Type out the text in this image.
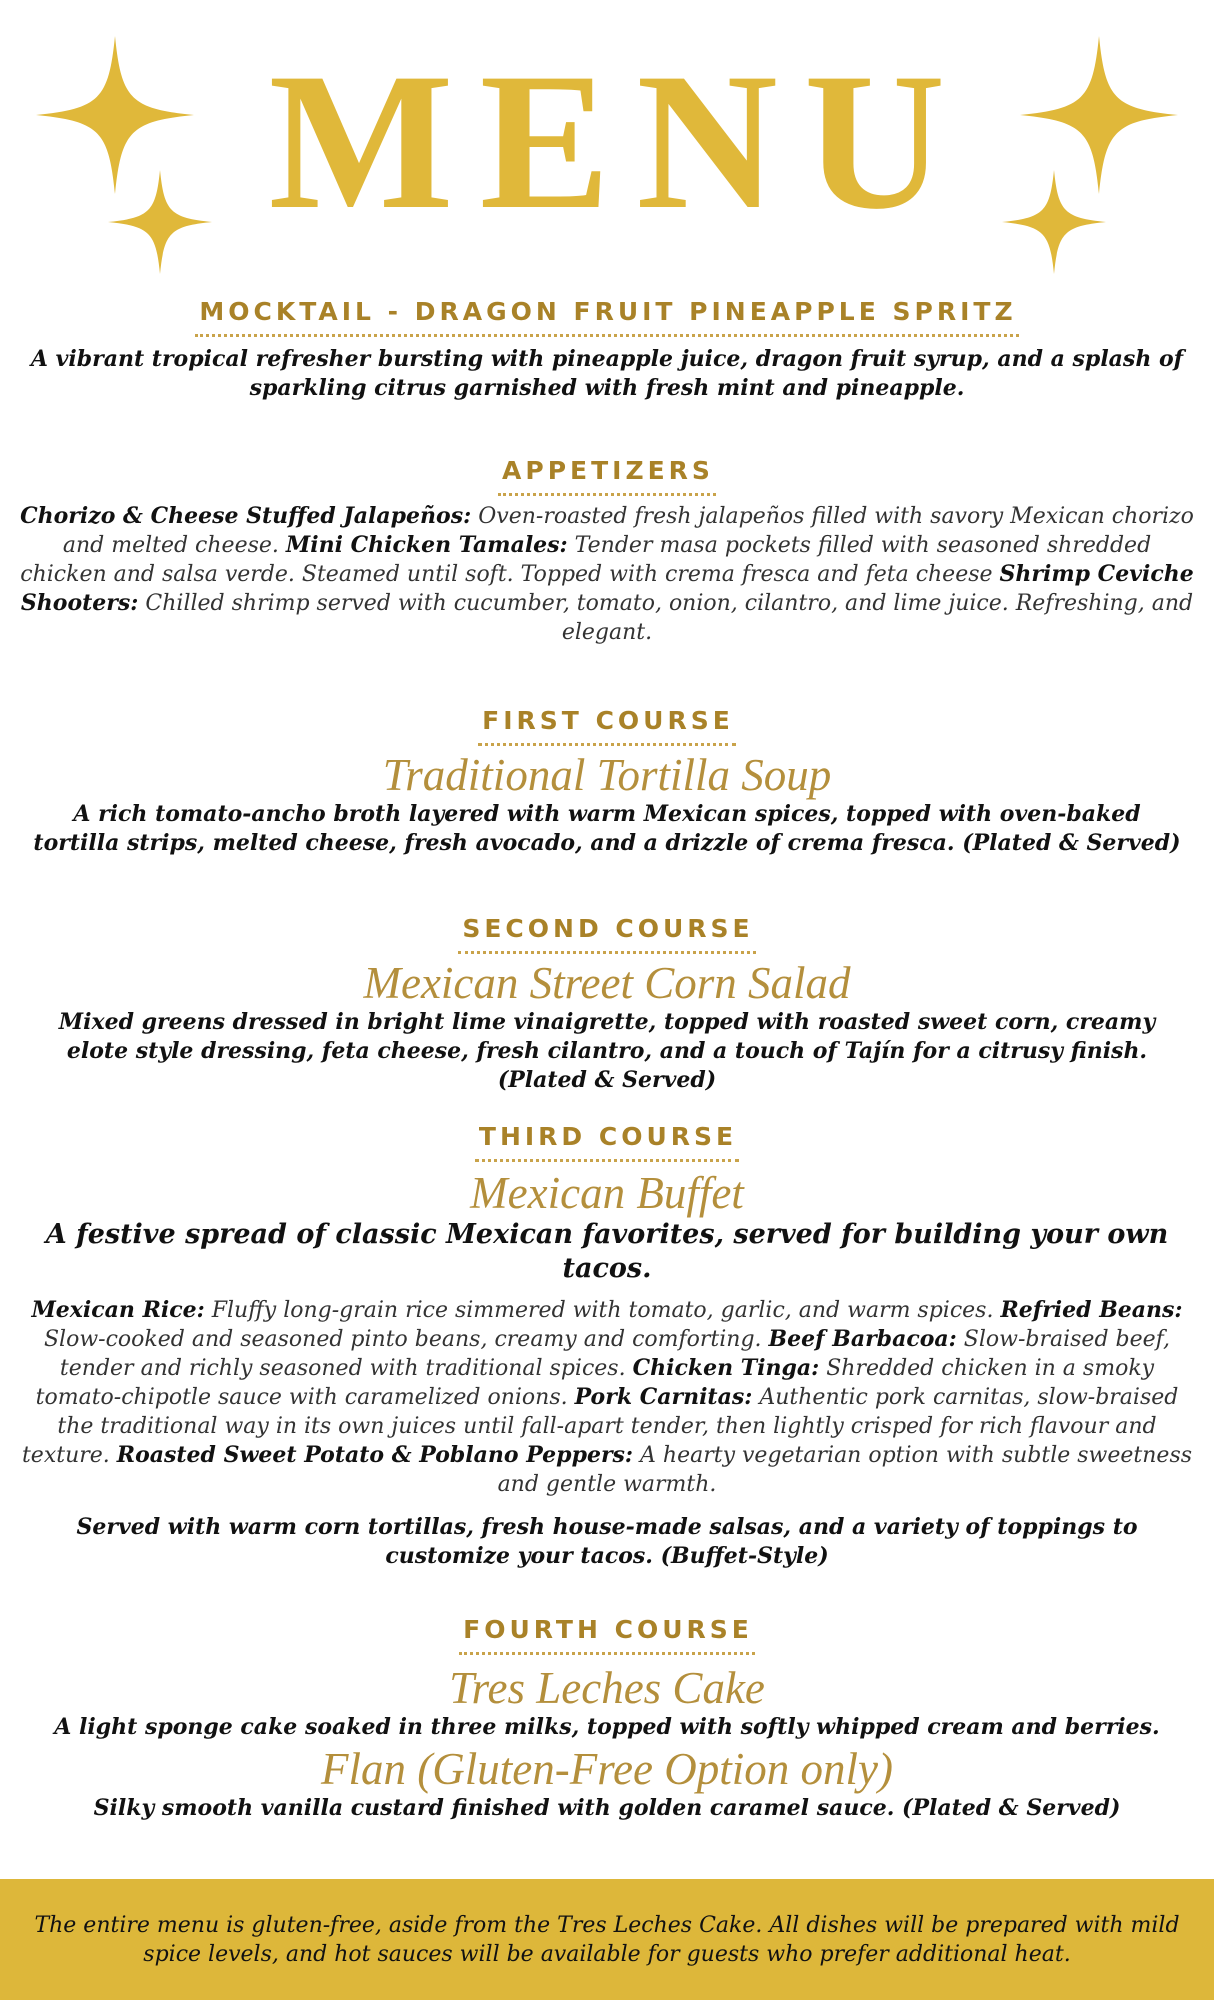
MENU
MOCKTAIL - DRAGON FRUIT PINEAPPLE SPRITZ

A vibrant tropical refresher bursting with pineapple juice, dragon fruit syrup, and a splash of sparkling citrus garnished with fresh mint and pineapple.

APPETIZERS

Chorizo & Cheese Stuffed Jalapeños: Oven-roasted fresh jalapeños filled with savory Mexican chorizo and melted cheese. Mini Chicken Tamales: Tender masa pockets filled with seasoned shredded chicken and salsa verde. Steamed until soft. Topped with crema fresca and feta cheese Shrimp Ceviche Shooters: Chilled shrimp served with cucumber, tomato, onion, cilantro, and lime juice. Refreshing, and elegant.

FIRST COURSE

Traditional Tortilla Soup

A rich tomato-ancho broth layered with warm Mexican spices, topped with oven-baked tortilla strips, melted cheese, fresh avocado, and a drizzle of crema fresca. (Plated & Served)

SECOND COURSE

Mexican Street Corn Salad

Mixed greens dressed in bright lime vinaigrette, topped with roasted sweet corn, creamy elote style dressing, feta cheese, fresh cilantro, and a touch of Tajín for a citrusy finish. (Plated & Served)

THIRD COURSE

Mexican Buffet

A festive spread of classic Mexican favorites, served for building your own tacos.

Mexican Rice: Fluffy long-grain rice simmered with tomato, garlic, and warm spices. Refried Beans: Slow-cooked and seasoned pinto beans, creamy and comforting. Beef Barbacoa: Slow-braised beef, tender and richly seasoned with traditional spices. Chicken Tinga: Shredded chicken in a smoky tomato-chipotle sauce with caramelized onions. Pork Carnitas: Authentic pork carnitas, slow-braised the traditional way in its own juices until fall-apart tender, then lightly crisped for rich flavour and texture. Roasted Sweet Potato & Poblano Peppers: A hearty vegetarian option with subtle sweetness and gentle warmth.

Served with warm corn tortillas, fresh house-made salsas, and a variety of toppings to customize your tacos. (Buffet-Style)

FOURTH COURSE

Tres Leches Cake

A light sponge cake soaked in three milks, topped with softly whipped cream and berries.

Flan (Gluten-Free Option only)

Silky smooth vanilla custard finished with golden caramel sauce. (Plated & Served)

The entire menu is gluten-free, aside from the Tres Leches Cake. All dishes will be prepared with mild spice levels, and hot sauces will be available for guests who prefer additional heat.
